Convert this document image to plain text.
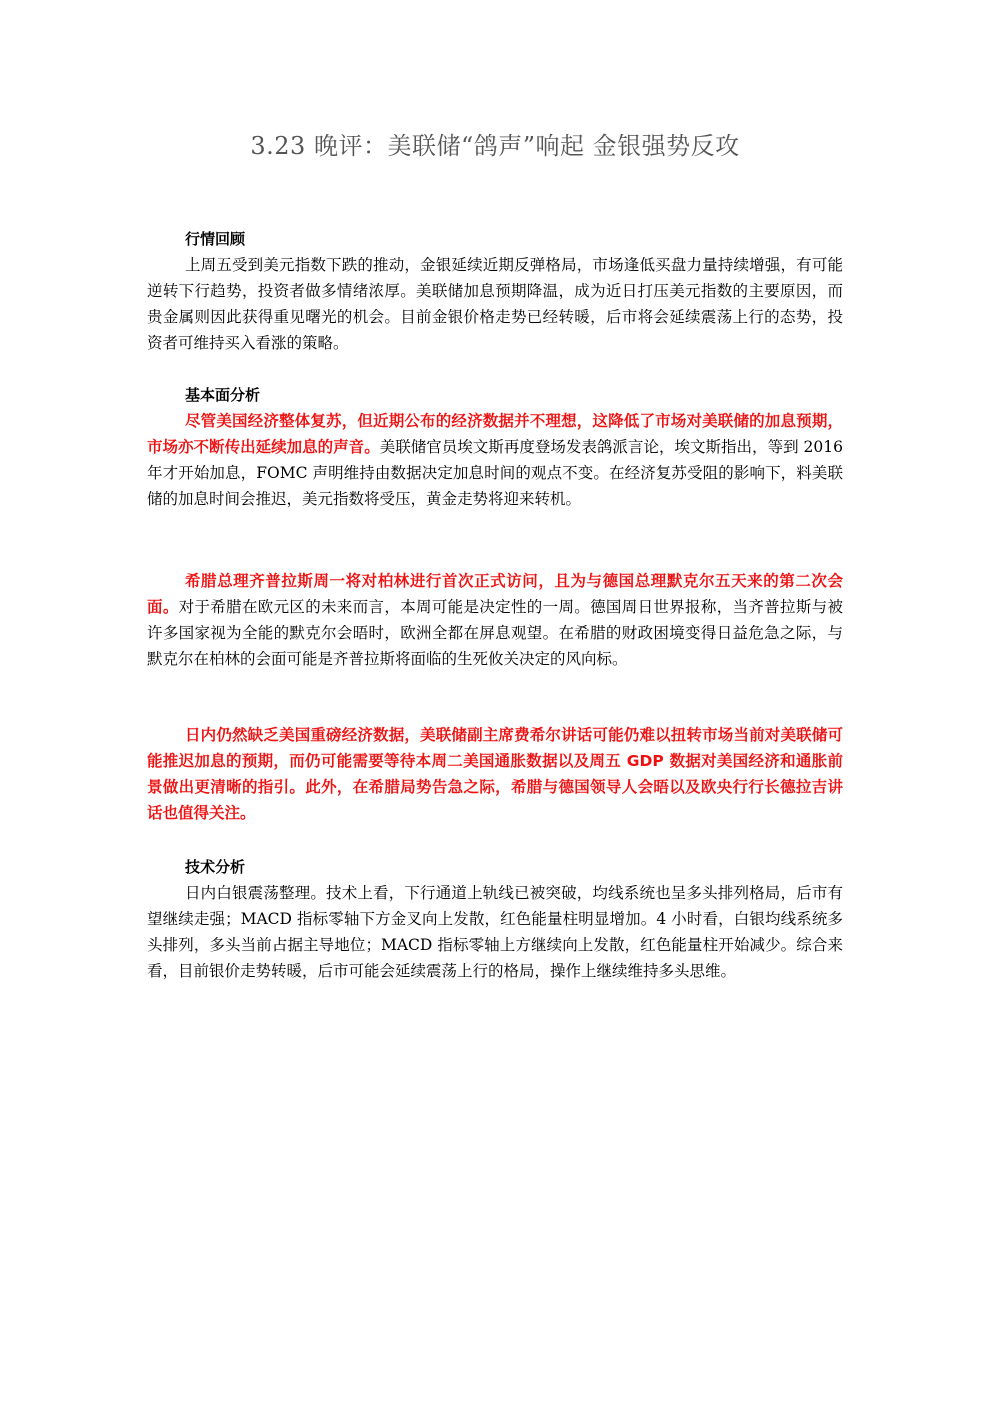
3.23 晚评：美联储“鸽声”响起 金银强势反攻
行情回顾

上周五受到美元指数下跌的推动，金银延续近期反弹格局，市场逢低买盘力量持续增强，有可能逆转下行趋势，投资者做多情绪浓厚。美联储加息预期降温，成为近日打压美元指数的主要原因，而贵金属则因此获得重见曙光的机会。目前金银价格走势已经转暖，后市将会延续震荡上行的态势，投资者可维持买入看涨的策略。

基本面分析

尽管美国经济整体复苏，但近期公布的经济数据并不理想，这降低了市场对美联储的加息预期，市场亦不断传出延续加息的声音。美联储官员埃文斯再度登场发表鸽派言论，埃文斯指出，等到 2016 年才开始加息，FOMC 声明维持由数据决定加息时间的观点不变。在经济复苏受阻的影响下，料美联储的加息时间会推迟，美元指数将受压，黄金走势将迎来转机。

希腊总理齐普拉斯周一将对柏林进行首次正式访问，且为与德国总理默克尔五天来的第二次会面。对于希腊在欧元区的未来而言，本周可能是决定性的一周。德国周日世界报称，当齐普拉斯与被许多国家视为全能的默克尔会晤时，欧洲全都在屏息观望。在希腊的财政困境变得日益危急之际，与默克尔在柏林的会面可能是齐普拉斯将面临的生死攸关决定的风向标。

日内仍然缺乏美国重磅经济数据，美联储副主席费希尔讲话可能仍难以扭转市场当前对美联储可能推迟加息的预期，而仍可能需要等待本周二美国通胀数据以及周五 GDP 数据对美国经济和通胀前景做出更清晰的指引。此外，在希腊局势告急之际，希腊与德国领导人会晤以及欧央行行长德拉吉讲话也值得关注。

技术分析

日内白银震荡整理。技术上看，下行通道上轨线已被突破，均线系统也呈多头排列格局，后市有望继续走强；MACD 指标零轴下方金叉向上发散，红色能量柱明显增加。4 小时看，白银均线系统多头排列，多头当前占据主导地位；MACD 指标零轴上方继续向上发散，红色能量柱开始减少。综合来看，目前银价走势转暖，后市可能会延续震荡上行的格局，操作上继续维持多头思维。
